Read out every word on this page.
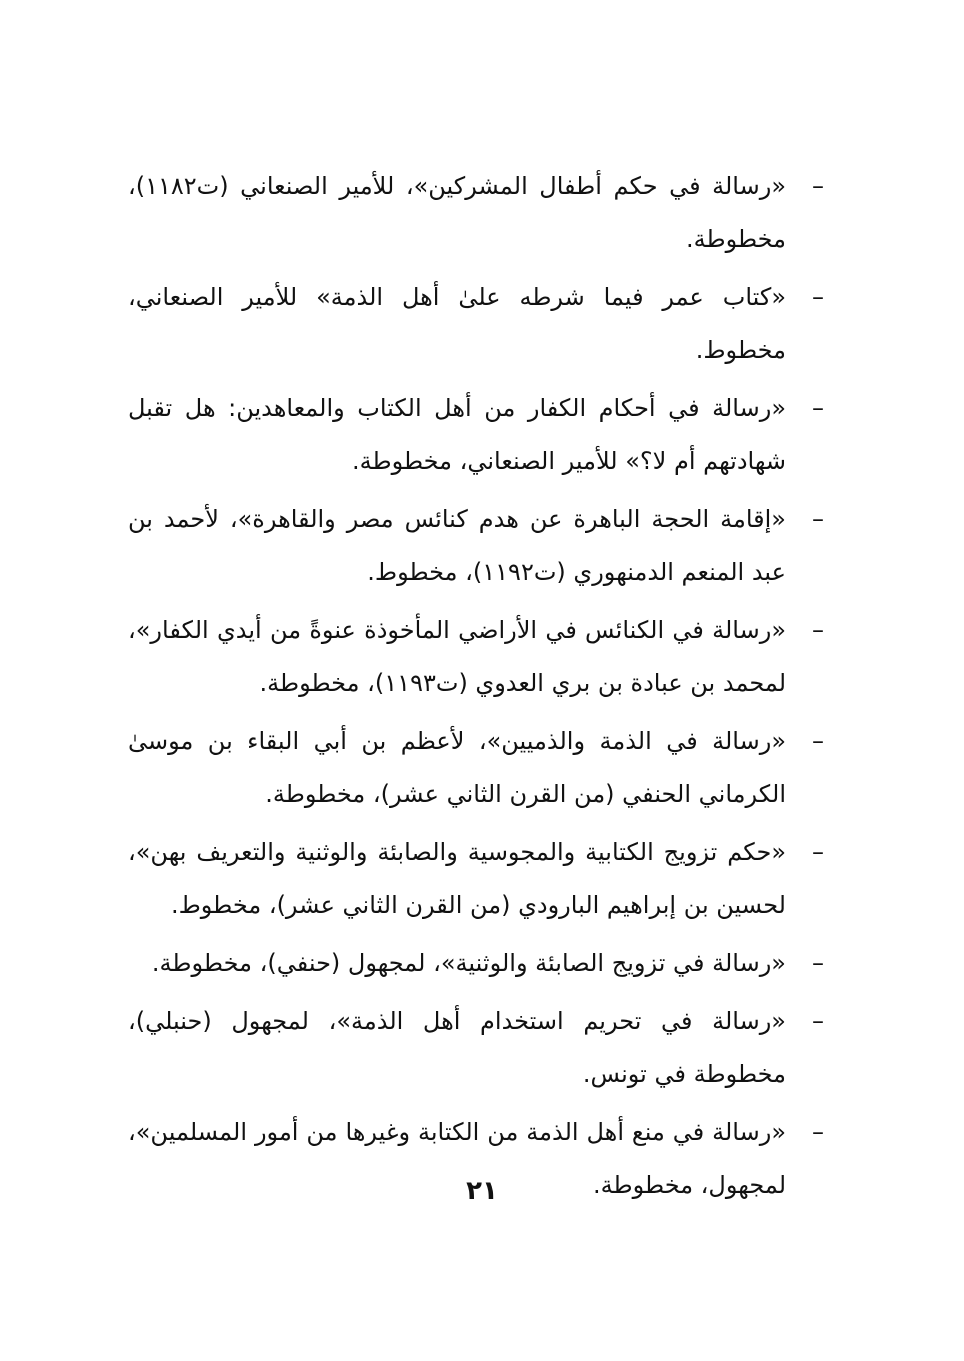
–
«رسالة في حكم أطفال المشركين»، للأمير الصنعاني (ت١١٨٢)، مخطوطة.
–
«كتاب عمر فيما شرطه علىٰ أهل الذمة» للأمير الصنعاني، مخطوط.
–
«رسالة في أحكام الكفار من أهل الكتاب والمعاهدين: هل تقبل شهادتهم أم لا؟» للأمير الصنعاني، مخطوطة.
–
«إقامة الحجة الباهرة عن هدم كنائس مصر والقاهرة»، لأحمد بن عبد المنعم الدمنهوري (ت١١٩٢)، مخطوط.
–
«رسالة في الكنائس في الأراضي المأخوذة عنوةً من أيدي الكفار»، لمحمد بن عبادة بن بري العدوي (ت١١٩٣)، مخطوطة.
–
«رسالة في الذمة والذميين»، لأعظم بن أبي البقاء بن موسىٰ الكرماني الحنفي (من القرن الثاني عشر)، مخطوطة.
–
«حكم تزويج الكتابية والمجوسية والصابئة والوثنية والتعريف بهن»، لحسين بن إبراهيم البارودي (من القرن الثاني عشر)، مخطوط.
–
«رسالة في تزويج الصابئة والوثنية»، لمجهول (حنفي)، مخطوطة.
–
«رسالة في تحريم استخدام أهل الذمة»، لمجهول (حنبلي)، مخطوطة في تونس.
–
«رسالة في منع أهل الذمة من الكتابة وغيرها من أمور المسلمين»، لمجهول، مخطوطة.
٢١
